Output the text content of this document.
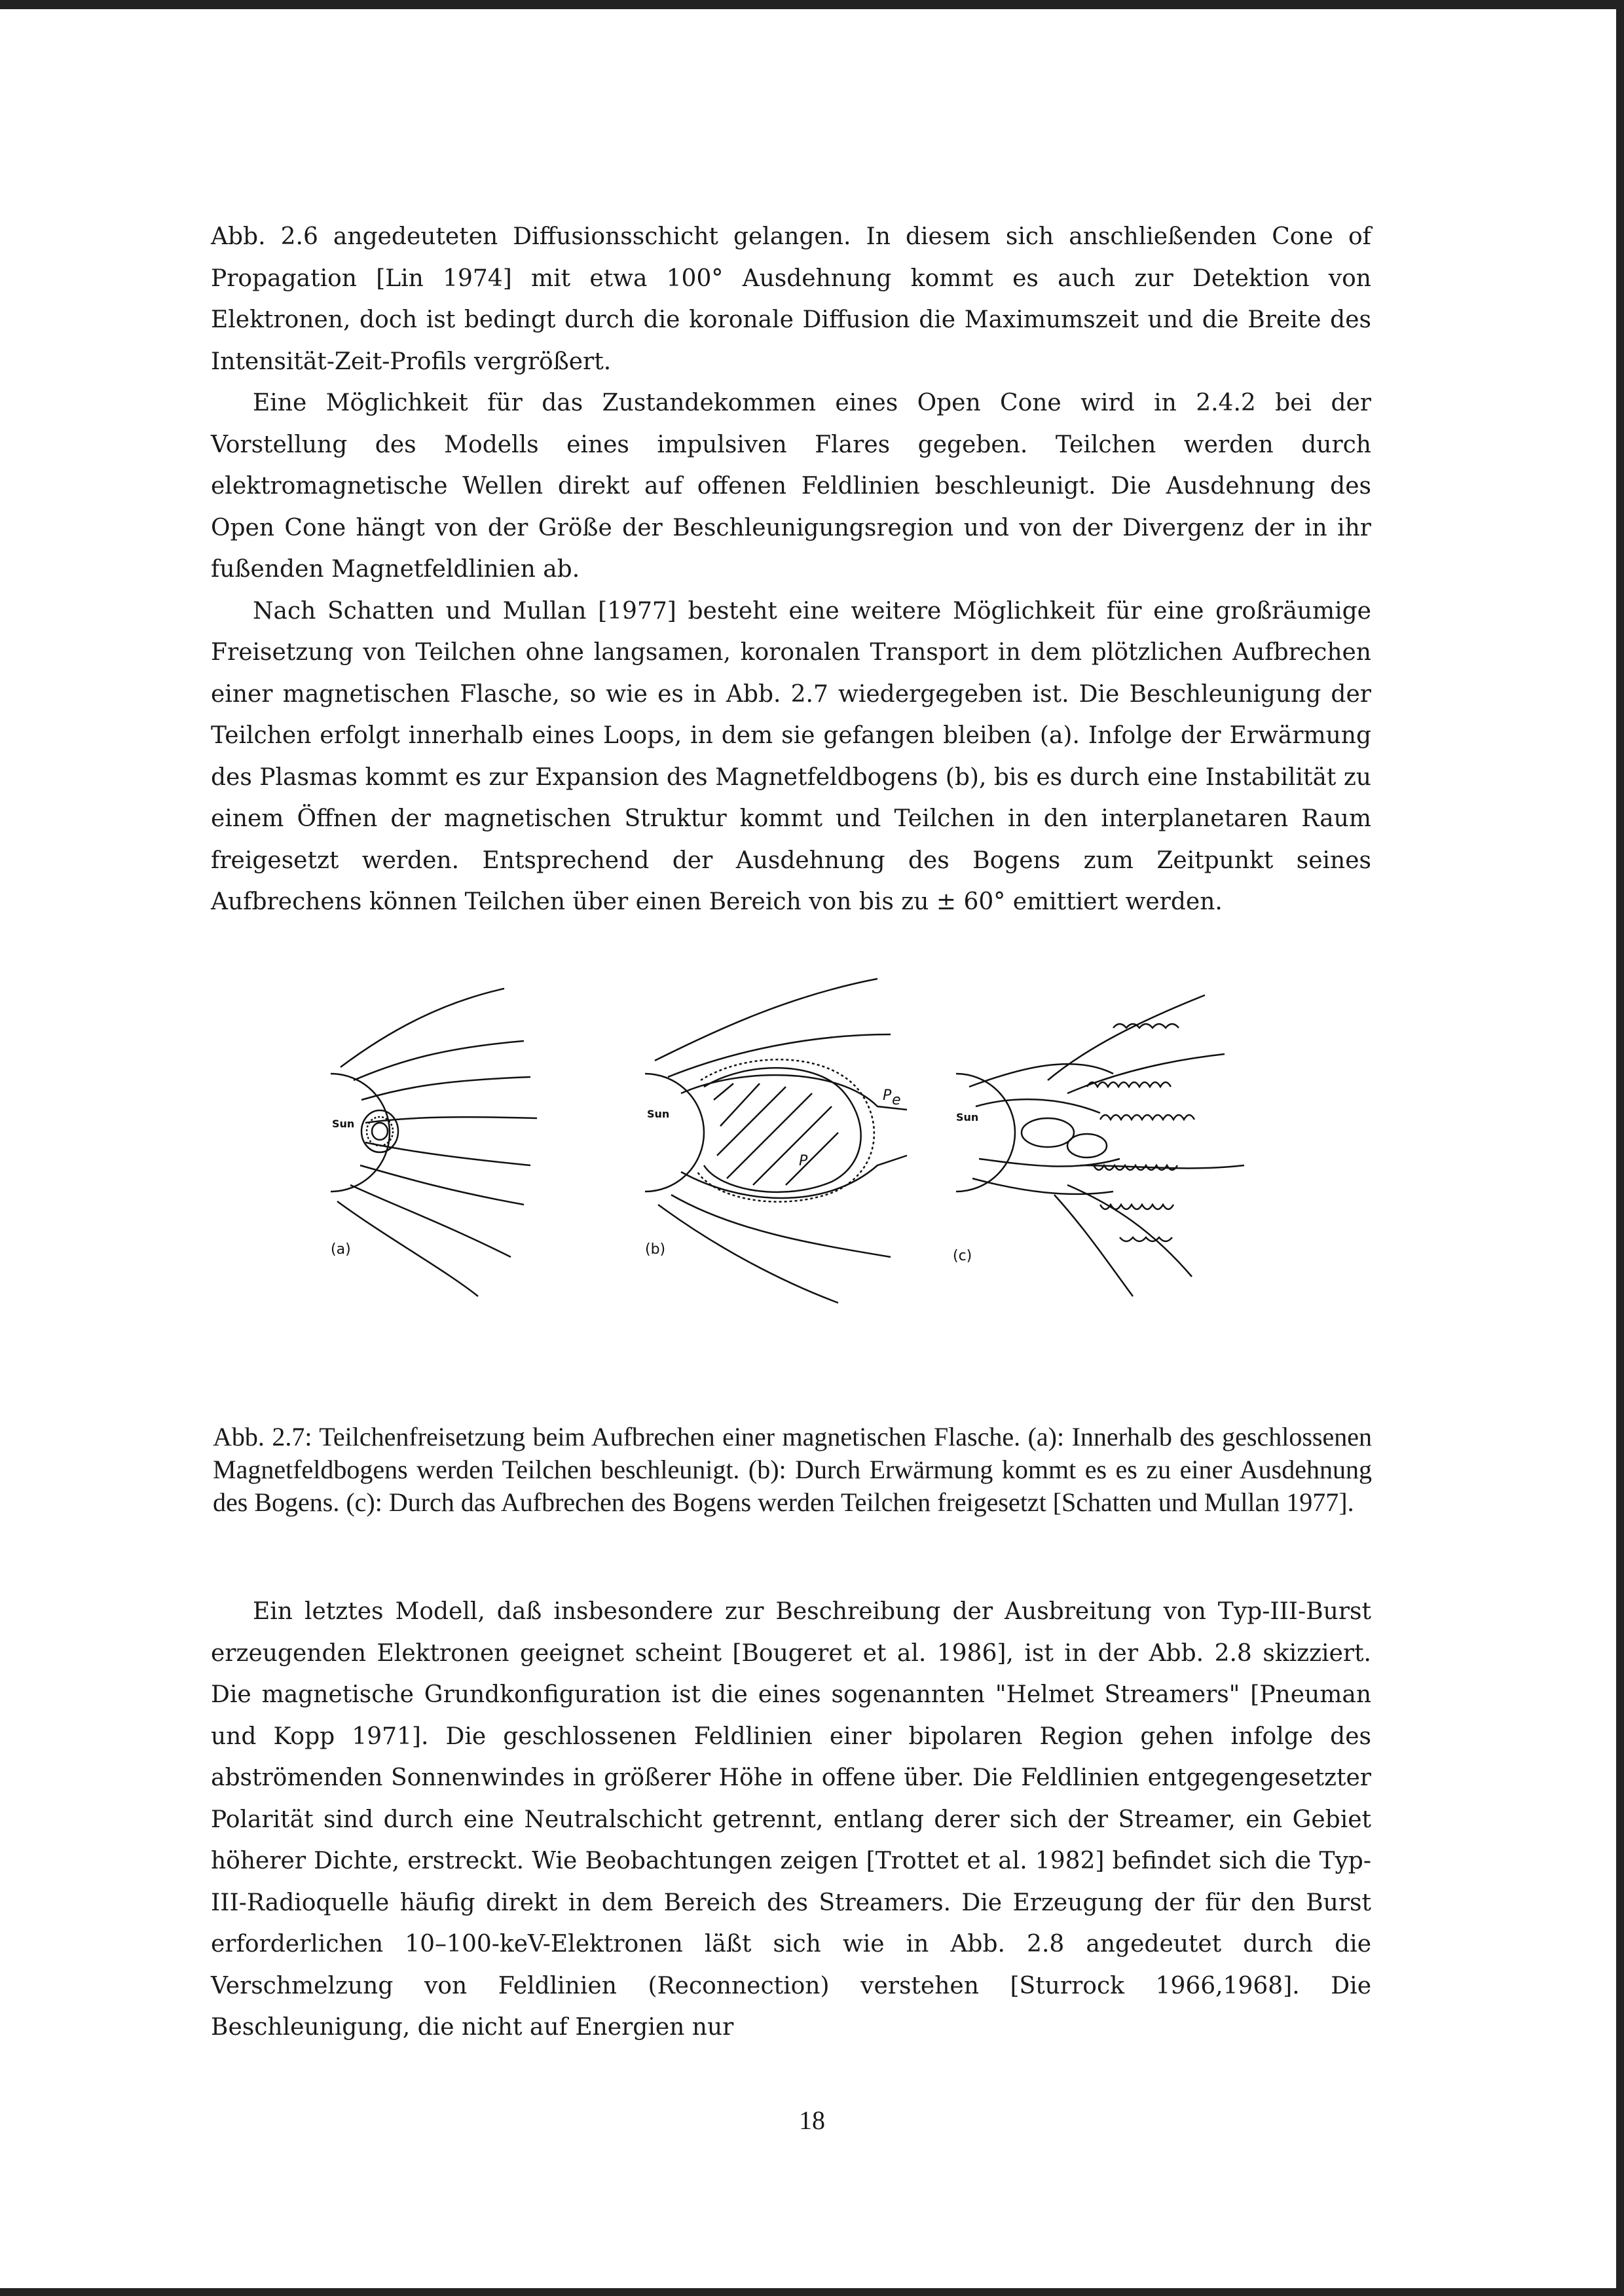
Abb. 2.6 angedeuteten Diffusionsschicht gelangen. In diesem sich anschließenden Cone of Propagation [Lin 1974] mit etwa 100° Ausdehnung kommt es auch zur Detektion von Elektronen, doch ist bedingt durch die koronale Diffusion die Maximumszeit und die Breite des Intensität-Zeit-Profils vergrößert.

Eine Möglichkeit für das Zustandekommen eines Open Cone wird in 2.4.2 bei der Vorstellung des Modells eines impulsiven Flares gegeben. Teilchen werden durch elektromagnetische Wellen direkt auf offenen Feldlinien beschleunigt. Die Ausdehnung des Open Cone hängt von der Größe der Beschleunigungsregion und von der Divergenz der in ihr fußenden Magnetfeldlinien ab.

Nach Schatten und Mullan [1977] besteht eine weitere Möglichkeit für eine großräumige Freisetzung von Teilchen ohne langsamen, koronalen Transport in dem plötzlichen Aufbrechen einer magnetischen Flasche, so wie es in Abb. 2.7 wiedergegeben ist. Die Beschleunigung der Teilchen erfolgt innerhalb eines Loops, in dem sie gefangen bleiben (a). Infolge der Erwärmung des Plasmas kommt es zur Expansion des Magnetfeldbogens (b), bis es durch eine Instabilität zu einem Öffnen der magnetischen Struktur kommt und Teilchen in den interplanetaren Raum freigesetzt werden. Entsprechend der Ausdehnung des Bogens zum Zeitpunkt seines Aufbrechens können Teilchen über einen Bereich von bis zu ± 60° emittiert werden.

Sun
(a)
Sun
(b)
P e
P
Sun
(c)
Abb. 2.7: Teilchenfreisetzung beim Aufbrechen einer magnetischen Flasche. (a): Innerhalb des geschlossenen Magnetfeldbogens werden Teilchen beschleunigt. (b): Durch Erwärmung kommt es es zu einer Ausdehnung des Bogens. (c): Durch das Aufbrechen des Bogens werden Teilchen freigesetzt [Schatten und Mullan 1977].

Ein letztes Modell, daß insbesondere zur Beschreibung der Ausbreitung von Typ-III-Burst erzeugenden Elektronen geeignet scheint [Bougeret et al. 1986], ist in der Abb. 2.8 skizziert. Die magnetische Grundkonfiguration ist die eines sogenannten "Helmet Streamers" [Pneuman und Kopp 1971]. Die geschlossenen Feldlinien einer bipolaren Region gehen infolge des abströmenden Sonnenwindes in größerer Höhe in offene über. Die Feldlinien entgegengesetzter Polarität sind durch eine Neutralschicht getrennt, entlang derer sich der Streamer, ein Gebiet höherer Dichte, erstreckt. Wie Beobachtungen zeigen [Trottet et al. 1982] befindet sich die Typ-III-Radioquelle häufig direkt in dem Bereich des Streamers. Die Erzeugung der für den Burst erforderlichen 10–100-keV-Elektronen läßt sich wie in Abb. 2.8 angedeutet durch die Verschmelzung von Feldlinien (Reconnection) verstehen [Sturrock 1966,1968]. Die Beschleunigung, die nicht auf Energien nur

18
